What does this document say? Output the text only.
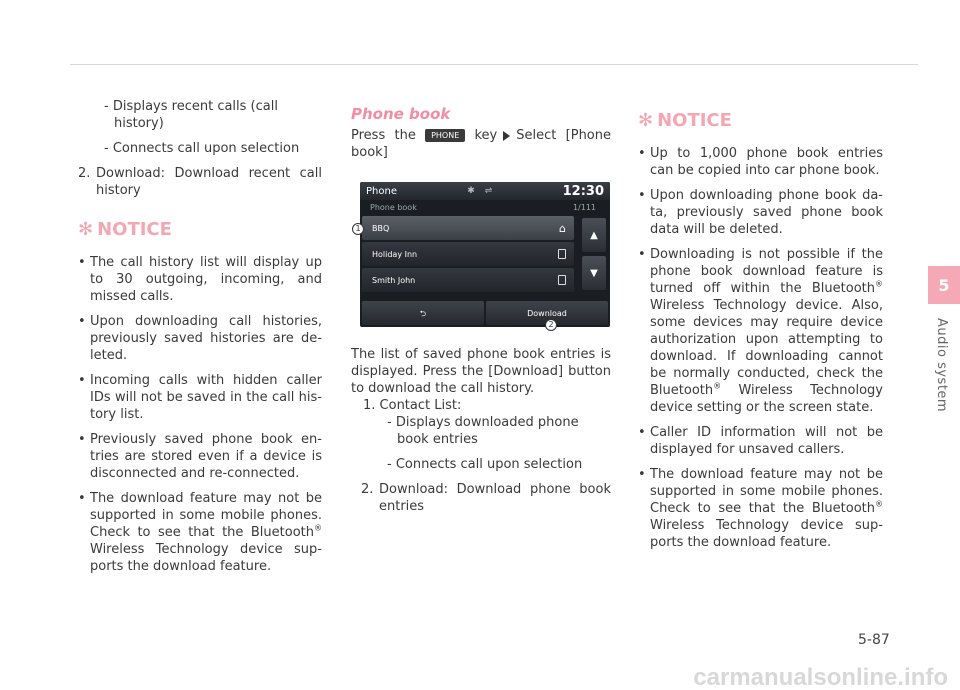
- Displays recent calls (call history)
- Connects call upon selection
2. Download: Download recent call history
✻ NOTICE
• The call history list will display up to 30 outgoing, incoming, and missed calls.
• Upon downloading call histories, previously saved histories are de-leted.
• Incoming calls with hidden caller IDs will not be saved in the call his-tory list.
• Previously saved phone book en-tries are stored even if a device is disconnected and re-connected.
• The download feature may not be supported in some mobile phones. Check to see that the Bluetooth® Wireless Technology device sup-ports the download feature.
Phone book
Press the PHONE key Select [Phone book]
Phone	✱ ⇌	12:30
Phone book	1/111
BBQ	⌂
Holiday Inn
Smith John
▲
▼
⮌	Download
1
2
The list of saved phone book entries is displayed. Press the [Download] button to download the call history.
1. Contact List:
- Displays downloaded phone book entries
- Connects call upon selection
2. Download: Download phone book entries
✻ NOTICE
• Up to 1,000 phone book entries can be copied into car phone book.
• Upon downloading phone book da-ta, previously saved phone book data will be deleted.
• Downloading is not possible if the phone book download feature is turned off within the Bluetooth® Wireless Technology device. Also, some devices may require device authorization upon attempting to download. If downloading cannot be normally conducted, check the Bluetooth® Wireless Technology device setting or the screen state.
• Caller ID information will not be displayed for unsaved callers.
• The download feature may not be supported in some mobile phones. Check to see that the Bluetooth® Wireless Technology device sup-ports the download feature.
5
Audio system
5-87
carmanualsonline.info
